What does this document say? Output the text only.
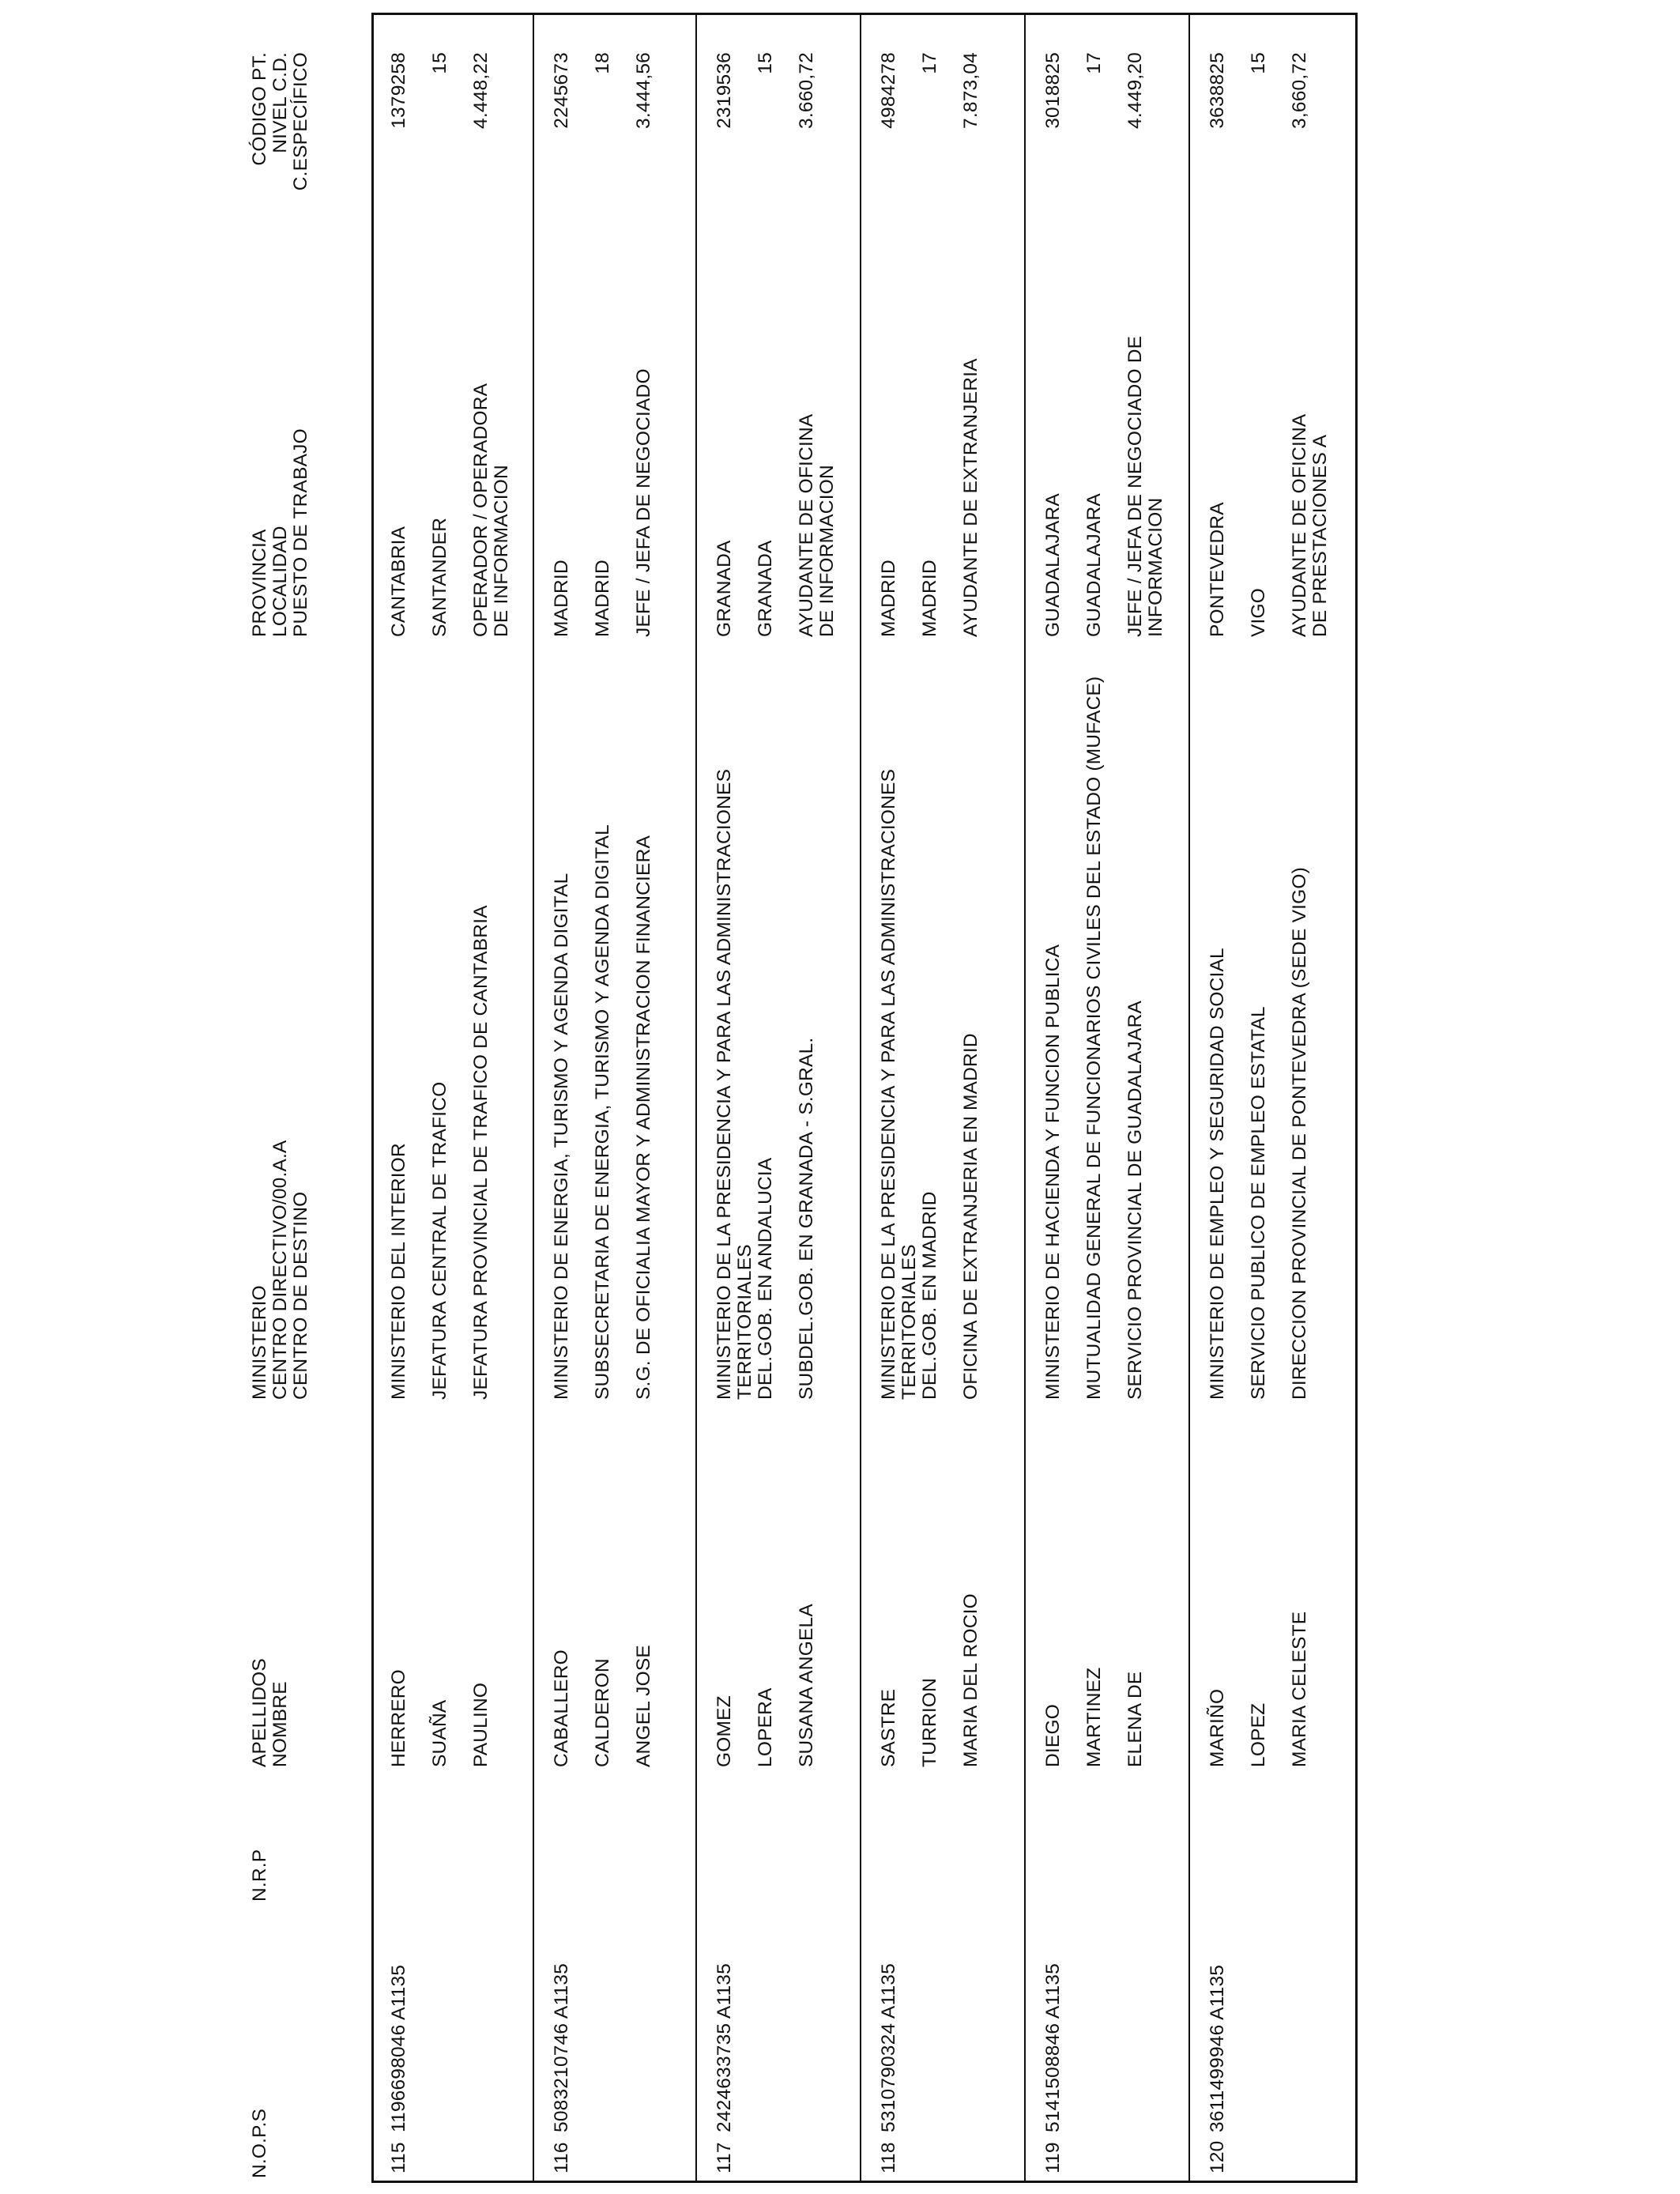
N.O.P.S
N.R.P
APELLIDOS NOMBRE
MINISTERIO CENTRO DIRECTIVO/00.A.A CENTRO DE DESTINO
PROVINCIA LOCALIDAD PUESTO DE TRABAJO
CÓDIGO PT. NIVEL C.D. C.ESPECÍFICO
115
1196698046 A1135
HERRERO SUAÑA PAULINO
MINISTERIO DEL INTERIOR JEFATURA CENTRAL DE TRAFICO JEFATURA PROVINCIAL DE TRAFICO DE CANTABRIA
CANTABRIA SANTANDER OPERADOR / OPERADORA DE INFORMACION
1379258 15 4.448,22
116
5083210746 A1135
CABALLERO CALDERON ANGEL JOSE
MINISTERIO DE ENERGIA, TURISMO Y AGENDA DIGITAL SUBSECRETARIA DE ENERGIA, TURISMO Y AGENDA DIGITAL S.G. DE OFICIALIA MAYOR Y ADMINISTRACION FINANCIERA
MADRID MADRID JEFE / JEFA DE NEGOCIADO
2245673 18 3.444,56
117
2424633735 A1135
GOMEZ LOPERA SUSANA ANGELA
MINISTERIO DE LA PRESIDENCIA Y PARA LAS ADMINISTRACIONES TERRITORIALES DEL.GOB. EN ANDALUCIA SUBDEL.GOB. EN GRANADA - S.GRAL.
GRANADA GRANADA AYUDANTE DE OFICINA DE INFORMACION
2319536 15 3.660,72
118
5310790324 A1135
SASTRE TURRION MARIA DEL ROCIO
MINISTERIO DE LA PRESIDENCIA Y PARA LAS ADMINISTRACIONES TERRITORIALES DEL.GOB. EN MADRID OFICINA DE EXTRANJERIA EN MADRID
MADRID MADRID AYUDANTE DE EXTRANJERIA
4984278 17 7.873,04
119
5141508846 A1135
DIEGO MARTINEZ ELENA DE
MINISTERIO DE HACIENDA Y FUNCION PUBLICA MUTUALIDAD GENERAL DE FUNCIONARIOS CIVILES DEL ESTADO (MUFACE) SERVICIO PROVINCIAL DE GUADALAJARA
GUADALAJARA GUADALAJARA JEFE / JEFA DE NEGOCIADO DE INFORMACION
3018825 17 4.449,20
120
3611499946 A1135
MARIÑO LOPEZ MARIA CELESTE
MINISTERIO DE EMPLEO Y SEGURIDAD SOCIAL SERVICIO PUBLICO DE EMPLEO ESTATAL DIRECCION PROVINCIAL DE PONTEVEDRA (SEDE VIGO)
PONTEVEDRA VIGO AYUDANTE DE OFICINA DE PRESTACIONES A
3638825 15 3,660,72
